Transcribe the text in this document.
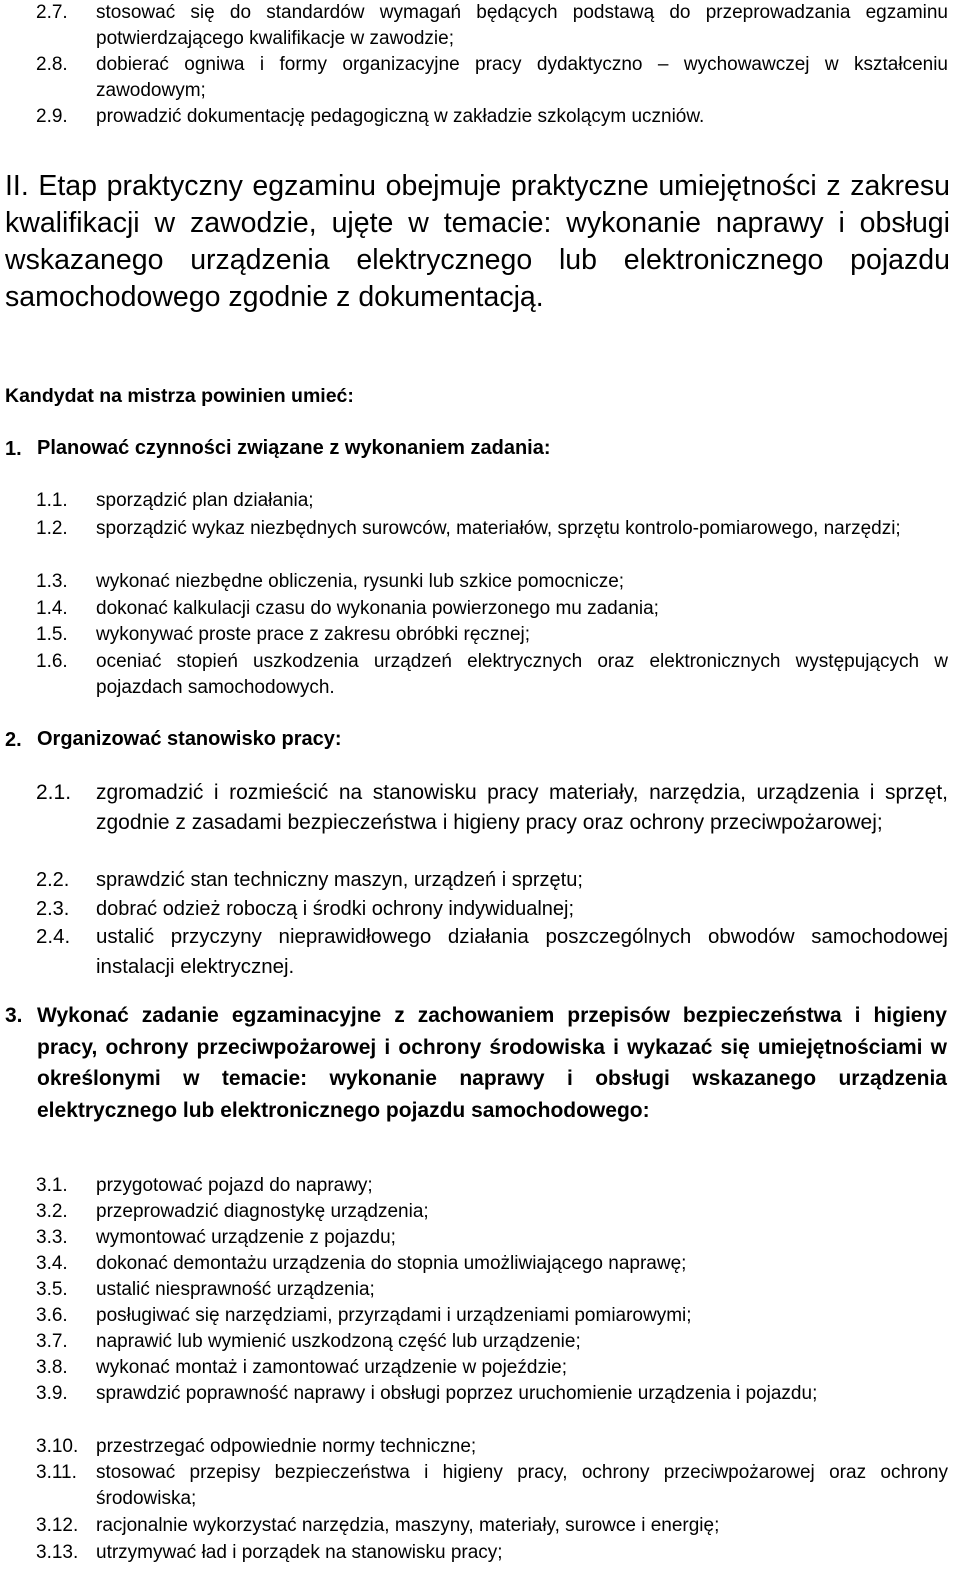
2.7. stosować się do standardów wymagań będących podstawą do przeprowadzania egzaminu potwierdzającego kwalifikacje w zawodzie;
2.8. dobierać ogniwa i formy organizacyjne pracy dydaktyczno – wychowawczej w kształceniu zawodowym;
2.9. prowadzić dokumentację pedagogiczną w zakładzie szkolącym uczniów.
II. Etap praktyczny egzaminu obejmuje praktyczne umiejętności z zakresu kwalifikacji w zawodzie, ujęte w temacie: wykonanie naprawy i obsługi wskazanego urządzenia elektrycznego lub elektronicznego pojazdu samochodowego zgodnie z dokumentacją.
Kandydat na mistrza powinien umieć:
1. Planować czynności związane z wykonaniem zadania:
1.1. sporządzić plan działania;
1.2. sporządzić wykaz niezbędnych surowców, materiałów, sprzętu kontrolo-pomiarowego, narzędzi;
1.3. wykonać niezbędne obliczenia, rysunki lub szkice pomocnicze;
1.4. dokonać kalkulacji czasu do wykonania powierzonego mu zadania;
1.5. wykonywać proste prace z zakresu obróbki ręcznej;
1.6. oceniać stopień uszkodzenia urządzeń elektrycznych oraz elektronicznych występujących w pojazdach samochodowych.
2. Organizować stanowisko pracy:
2.1. zgromadzić i rozmieścić na stanowisku pracy materiały, narzędzia, urządzenia i sprzęt, zgodnie z zasadami bezpieczeństwa i higieny pracy oraz ochrony przeciwpożarowej;
2.2. sprawdzić stan techniczny maszyn, urządzeń i sprzętu;
2.3. dobrać odzież roboczą i środki ochrony indywidualnej;
2.4. ustalić przyczyny nieprawidłowego działania poszczególnych obwodów samochodowej instalacji elektrycznej.
3. Wykonać zadanie egzaminacyjne z zachowaniem przepisów bezpieczeństwa i higieny pracy, ochrony przeciwpożarowej i ochrony środowiska i wykazać się umiejętnościami w określonymi w temacie: wykonanie naprawy i obsługi wskazanego urządzenia elektrycznego lub elektronicznego pojazdu samochodowego:
3.1. przygotować pojazd do naprawy;
3.2. przeprowadzić diagnostykę urządzenia;
3.3. wymontować urządzenie z pojazdu;
3.4. dokonać demontażu urządzenia do stopnia umożliwiającego naprawę;
3.5. ustalić niesprawność urządzenia;
3.6. posługiwać się narzędziami, przyrządami i urządzeniami pomiarowymi;
3.7. naprawić lub wymienić uszkodzoną część lub urządzenie;
3.8. wykonać montaż i zamontować urządzenie w pojeździe;
3.9. sprawdzić poprawność naprawy i obsługi poprzez uruchomienie urządzenia i pojazdu;
3.10. przestrzegać odpowiednie normy techniczne;
3.11. stosować przepisy bezpieczeństwa i higieny pracy, ochrony przeciwpożarowej oraz ochrony środowiska;
3.12. racjonalnie wykorzystać narzędzia, maszyny, materiały, surowce i energię;
3.13. utrzymywać ład i porządek na stanowisku pracy;
